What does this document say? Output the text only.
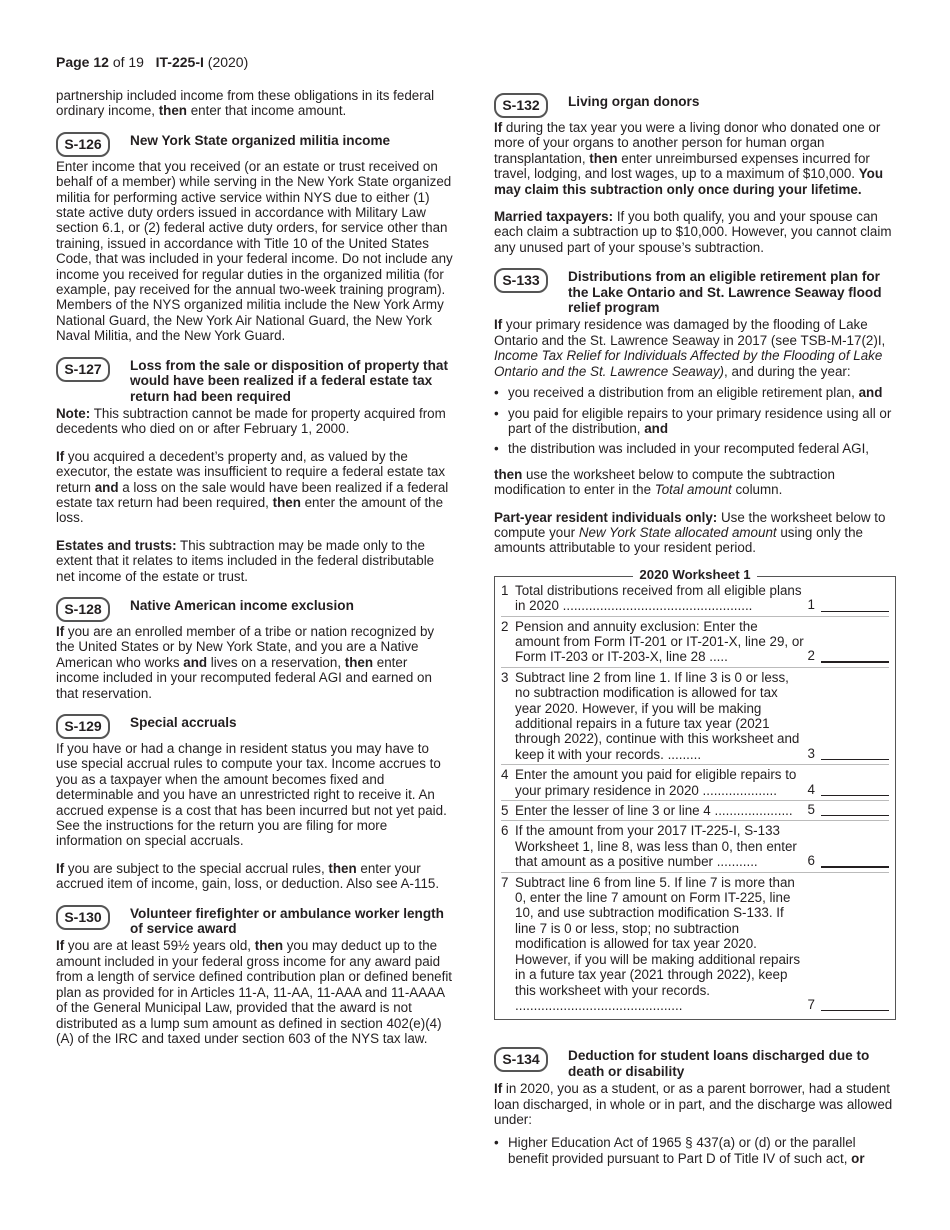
Page 12 of 19 IT-225-I (2020)

partnership included income from these obligations in its federal ordinary income, then enter that income amount.

S-126	New York State organized militia income

Enter income that you received (or an estate or trust received on behalf of a member) while serving in the New York State organized militia for performing active service within NYS due to either (1) state active duty orders issued in accordance with Military Law section 6.1, or (2) federal active duty orders, for service other than training, issued in accordance with Title 10 of the United States Code, that was included in your federal income. Do not include any income you received for regular duties in the organized militia (for example, pay received for the annual two-week training program). Members of the NYS organized militia include the New York Army National Guard, the New York Air National Guard, the New York Naval Militia, and the New York Guard.

S-127	Loss from the sale or disposition of property that would have been realized if a federal estate tax return had been required

Note: This subtraction cannot be made for property acquired from decedents who died on or after February 1, 2000.

If you acquired a decedent’s property and, as valued by the executor, the estate was insufficient to require a federal estate tax return and a loss on the sale would have been realized if a federal estate tax return had been required, then enter the amount of the loss.

Estates and trusts: This subtraction may be made only to the extent that it relates to items included in the federal distributable net income of the estate or trust.

S-128	Native American income exclusion

If you are an enrolled member of a tribe or nation recognized by the United States or by New York State, and you are a Native American who works and lives on a reservation, then enter income included in your recomputed federal AGI and earned on that reservation.

S-129	Special accruals

If you have or had a change in resident status you may have to use special accrual rules to compute your tax. Income accrues to you as a taxpayer when the amount becomes fixed and determinable and you have an unrestricted right to receive it. An accrued expense is a cost that has been incurred but not yet paid. See the instructions for the return you are filing for more information on special accruals.

If you are subject to the special accrual rules, then enter your accrued item of income, gain, loss, or deduction. Also see A-115.

S-130	Volunteer firefighter or ambulance worker length of service award

If you are at least 59½ years old, then you may deduct up to the amount included in your federal gross income for any award paid from a length of service defined contribution plan or defined benefit plan as provided for in Articles 11-A, 11-AA, 11-AAA and 11-AAAA of the General Municipal Law, provided that the award is not distributed as a lump sum amount as defined in section 402(e)(4)(A) of the IRC and taxed under section 603 of the NYS tax law.

S-132	Living organ donors

If during the tax year you were a living donor who donated one or more of your organs to another person for human organ transplantation, then enter unreimbursed expenses incurred for travel, lodging, and lost wages, up to a maximum of $10,000. You may claim this subtraction only once during your lifetime.

Married taxpayers: If you both qualify, you and your spouse can each claim a subtraction up to $10,000. However, you cannot claim any unused part of your spouse’s subtraction.

S-133	Distributions from an eligible retirement plan for the Lake Ontario and St. Lawrence Seaway flood relief program

If your primary residence was damaged by the flooding of Lake Ontario and the St. Lawrence Seaway in 2017 (see TSB-M-17(2)I, Income Tax Relief for Individuals Affected by the Flooding of Lake Ontario and the St. Lawrence Seaway), and during the year:

• you received a distribution from an eligible retirement plan, and
• you paid for eligible repairs to your primary residence using all or part of the distribution, and
• the distribution was included in your recomputed federal AGI,

then use the worksheet below to compute the subtraction modification to enter in the Total amount column.

Part-year resident individuals only: Use the worksheet below to compute your New York State allocated amount using only the amounts attributable to your resident period.

2020 Worksheet 1
1 Total distributions received from all eligible plans in 2020 ...................................................	1
2 Pension and annuity exclusion: Enter the amount from Form IT-201 or IT-201-X, line 29, or Form IT-203 or IT-203-X, line 28 .....	2
3 Subtract line 2 from line 1. If line 3 is 0 or less, no subtraction modification is allowed for tax year 2020. However, if you will be making additional repairs in a future tax year (2021 through 2022), continue with this worksheet and keep it with your records. .........	3
4 Enter the amount you paid for eligible repairs to your primary residence in 2020 ....................	4
5 Enter the lesser of line 3 or line 4 .....................	5
6 If the amount from your 2017 IT-225-I, S-133 Worksheet 1, line 8, was less than 0, then enter that amount as a positive number ...........	6
7 Subtract line 6 from line 5. If line 7 is more than 0, enter the line 7 amount on Form IT-225, line 10, and use subtraction modification S-133. If line 7 is 0 or less, stop; no subtraction modification is allowed for tax year 2020. However, if you will be making additional repairs in a future tax year (2021 through 2022), keep this worksheet with your records. .............................................	7
S-134	Deduction for student loans discharged due to death or disability

If in 2020, you as a student, or as a parent borrower, had a student loan discharged, in whole or in part, and the discharge was allowed under:

• Higher Education Act of 1965 § 437(a) or (d) or the parallel benefit provided pursuant to Part D of Title IV of such act, or
